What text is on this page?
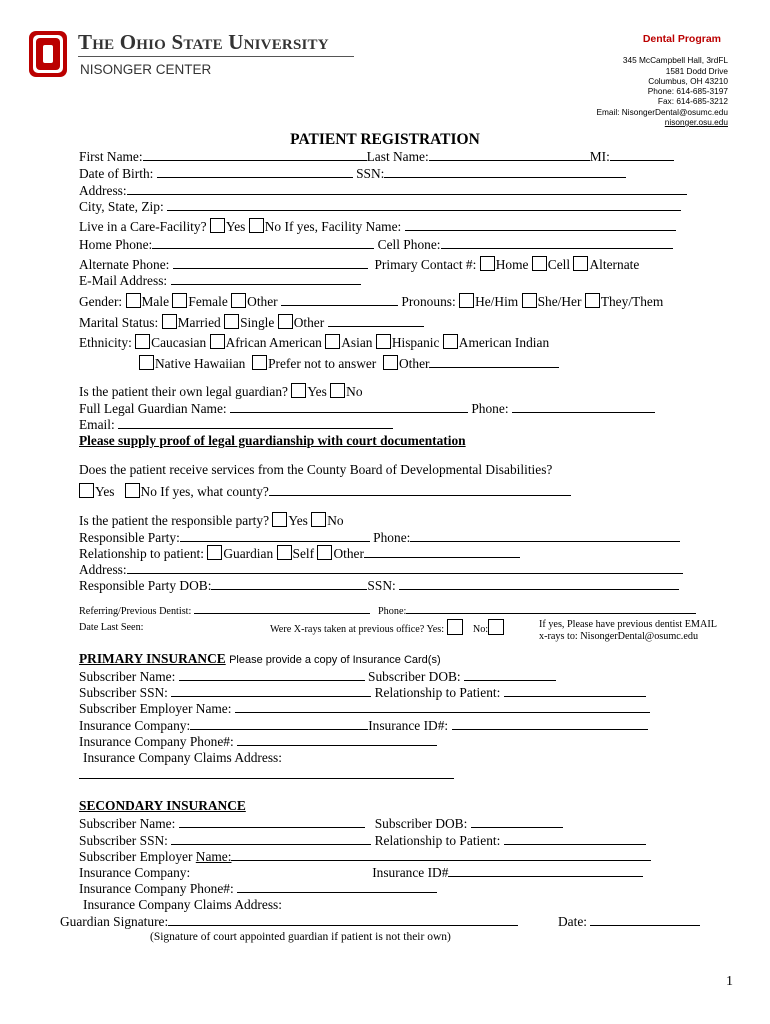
The Ohio State University
NISONGER CENTER
Dental Program
345 McCampbell Hall, 3rdFL
1581 Dodd Drive
Columbus, OH 43210
Phone: 614-685-3197
Fax: 614-685-3212
Email: NisongerDental@osumc.edu
nisonger.osu.edu
PATIENT REGISTRATION
First Name:	Last Name:	MI:
Date of Birth:	SSN:
Address:
City, State, Zip:
Live in a Care-Facility? Yes No If yes, Facility Name:
Home Phone:	Cell Phone:
Alternate Phone:	Primary Contact #: Home Cell Alternate
E-Mail Address:
Gender: Male Female Other	Pronouns: He/Him She/Her They/Them
Marital Status: Married Single Other
Ethnicity: Caucasian African American Asian Hispanic American Indian
Native Hawaiian Prefer not to answer Other
Is the patient their own legal guardian? Yes No
Full Legal Guardian Name:	Phone:
Email:
Please supply proof of legal guardianship with court documentation
Does the patient receive services from the County Board of Developmental Disabilities?
Yes No If yes, what county?
Is the patient the responsible party? Yes No
Responsible Party:	Phone:
Relationship to patient: Guardian Self Other
Address:
Responsible Party DOB:	SSN:
Referring/Previous Dentist:	Phone:
Date Last Seen:	Were X-rays taken at previous office? Yes:	No:	If yes, Please have previous dentist EMAIL
x-rays to: NisongerDental@osumc.edu
PRIMARY INSURANCE Please provide a copy of Insurance Card(s)
Subscriber Name:	Subscriber DOB:
Subscriber SSN:	Relationship to Patient:
Subscriber Employer Name:
Insurance Company:	Insurance ID#:
Insurance Company Phone#:
Insurance Company Claims Address:
SECONDARY INSURANCE
Subscriber Name:	Subscriber DOB:
Subscriber SSN:	Relationship to Patient:
Subscriber Employer Name:
Insurance Company:	Insurance ID#
Insurance Company Phone#:
Insurance Company Claims Address:
Guardian Signature:	Date:
(Signature of court appointed guardian if patient is not their own)
1
